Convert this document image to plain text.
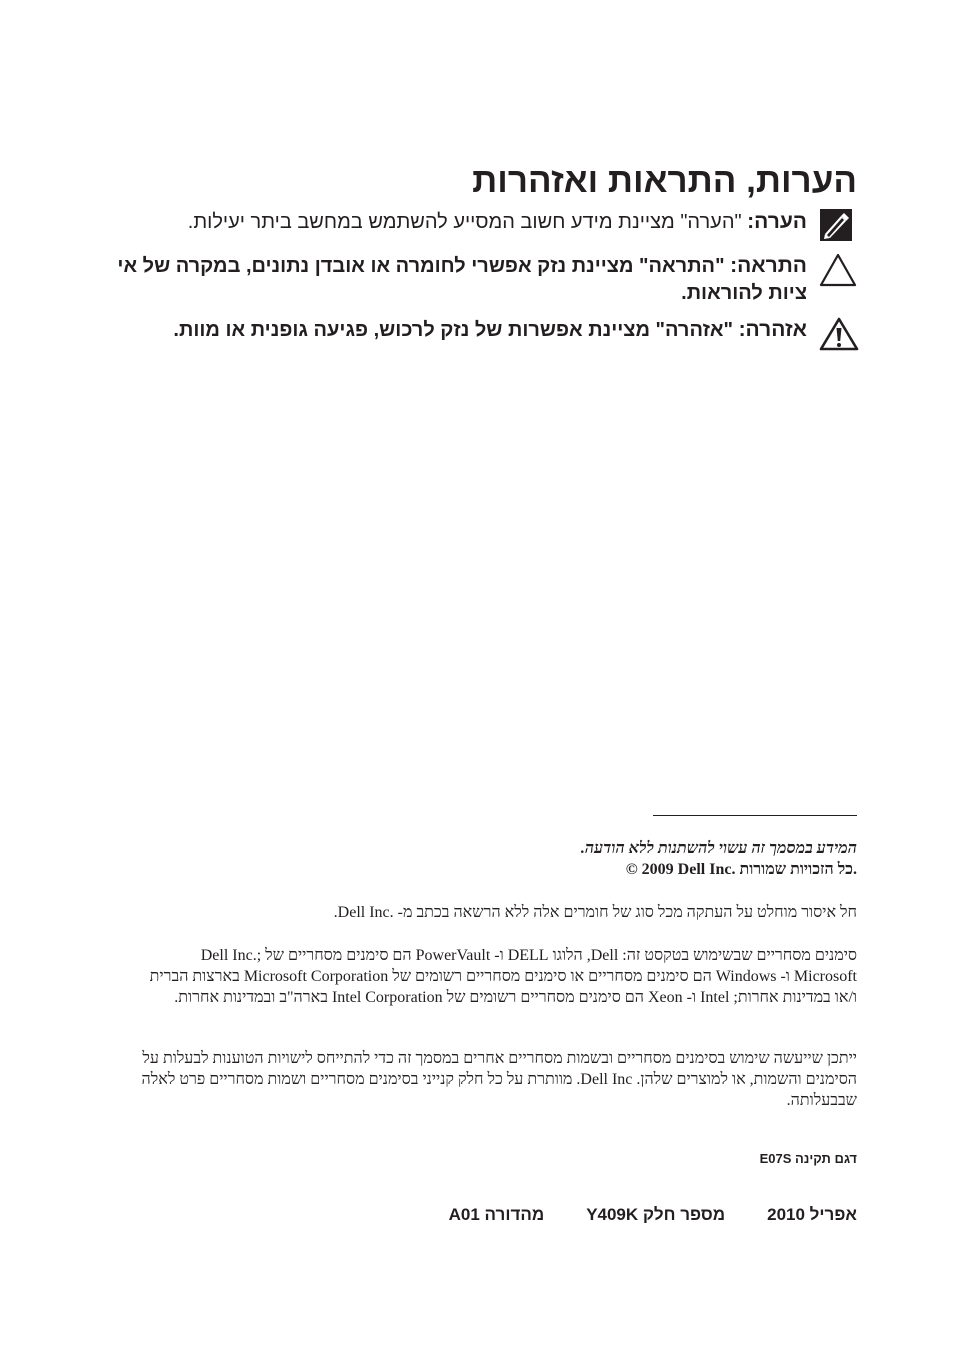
הערות, התראות ואזהרות
הערה: "הערה" מציינת מידע חשוב המסייע להשתמש במחשב ביתר יעילות.
התראה: "התראה" מציינת נזק אפשרי לחומרה או אובדן נתונים, במקרה של אי ציות להוראות.
אזהרה: "אזהרה" מציינת אפשרות של נזק לרכוש, פגיעה גופנית או מוות.
המידע במסמך זה עשוי להשתנות ללא הודעה.
© 2009 Dell Inc. כל הזכויות שמורות.
חל איסור מוחלט על העתקה מכל סוג של חומרים אלה ללא הרשאה בכתב מ- .Dell Inc.
סימנים מסחריים שבשימוש בטקסט זה: Dell, הלוגו DELL ו- PowerVault הם סימנים מסחריים של Dell Inc.; Microsoft ו- Windows הם סימנים מסחריים או סימנים מסחריים רשומים של Microsoft Corporation בארצות הברית ו/או במדינות אחרות; Intel ו- Xeon הם סימנים מסחריים רשומים של Intel Corporation בארה"ב ובמדינות אחרות.
ייתכן שייעשה שימוש בסימנים מסחריים ובשמות מסחריים אחרים במסמך זה כדי להתייחס לישויות הטוענות לבעלות על הסימנים והשמות, או למוצרים שלהן. Dell Inc. מוותרת על כל חלק קנייני בסימנים מסחריים ושמות מסחריים פרט לאלה שבבעלותה.
דגם תקינה E07S
אפריל 2010
מספר חלק Y409K
מהדורה A01
